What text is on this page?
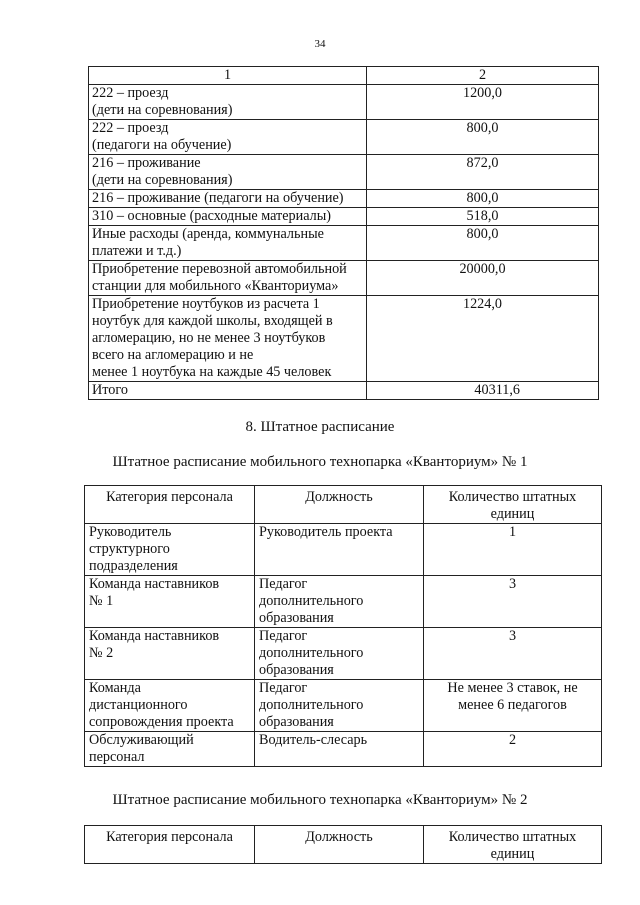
34
1	2

222 – проезд
(дети на соревнования)	1200,0

222 – проезд
(педагоги на обучение)	800,0

216 – проживание
(дети на соревнования)	872,0

216 – проживание (педагоги на обучение)	800,0

310 – основные (расходные материалы)	518,0

Иные расходы (аренда, коммунальные
платежи и т.д.)	800,0

Приобретение перевозной автомобильной
станции для мобильного «Кванториума»	20000,0

Приобретение ноутбуков из расчета 1
ноутбук для каждой школы, входящей в
агломерацию, но не менее 3 ноутбуков
всего на агломерацию и не
менее 1 ноутбука на каждые 45 человек	1224,0
Итого	40311,6
8. Штатное расписание
Штатное расписание мобильного технопарка «Кванториум» № 1
Категория персонала	Должность	Количество штатных
единиц

Руководитель
структурного
подразделения	Руководитель проекта	1

Команда наставников
№ 1	Педагог
дополнительного
образования	3

Команда наставников
№ 2	Педагог
дополнительного
образования	3

Команда
дистанционного
сопровождения проекта	Педагог
дополнительного
образования	Не менее 3 ставок, не
менее 6 педагогов

Обслуживающий
персонал	Водитель-слесарь	2
Штатное расписание мобильного технопарка «Кванториум» № 2
Категория персонала	Должность	Количество штатных
единиц
